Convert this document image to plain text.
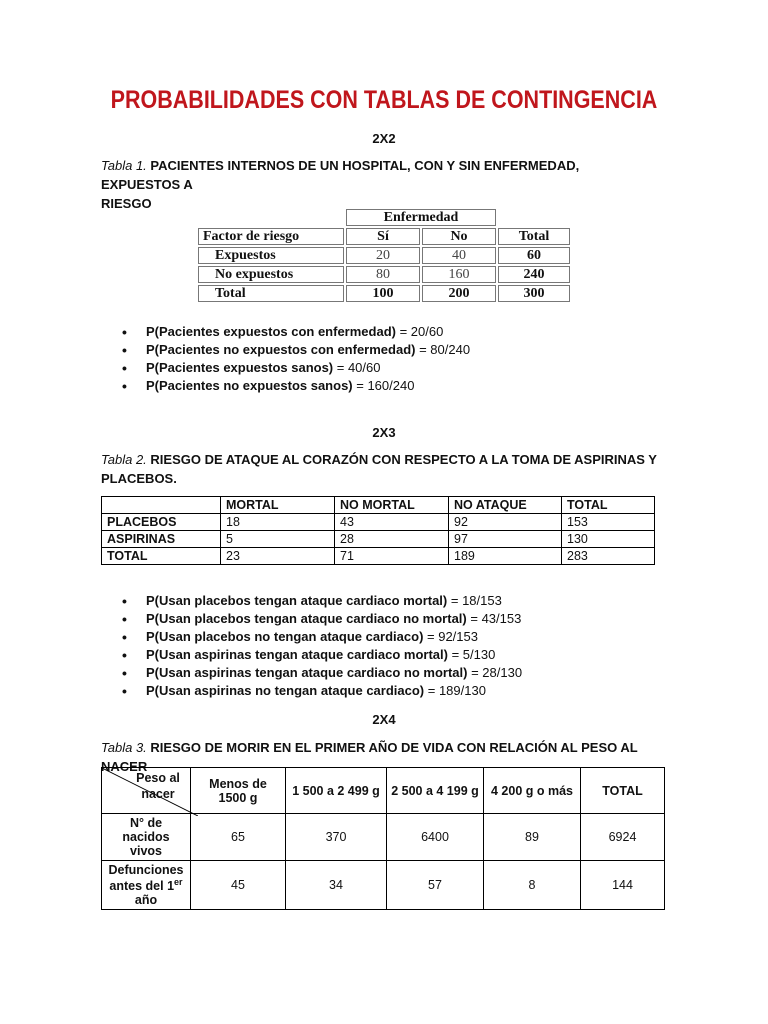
PROBABILIDADES CON TABLAS DE CONTINGENCIA
2X2
Tabla 1. PACIENTES INTERNOS DE UN HOSPITAL, CON Y SIN ENFERMEDAD, EXPUESTOS A
RIESGO
	Enfermedad		
Factor de riesgo	Sí	No	Total
Expuestos	20	40	60
No expuestos	80	160	240
Total	100	200	300
• P(Pacientes expuestos con enfermedad) = 20/60
• P(Pacientes no expuestos con enfermedad) = 80/240
• P(Pacientes expuestos sanos) = 40/60
• P(Pacientes no expuestos sanos) = 160/240
2X3
Tabla 2. RIESGO DE ATAQUE AL CORAZÓN CON RESPECTO A LA TOMA DE ASPIRINAS Y
PLACEBOS.
	MORTAL	NO MORTAL	NO ATAQUE	TOTAL
PLACEBOS	18	43	92	153
ASPIRINAS	5	28	97	130
TOTAL	23	71	189	283
• P(Usan placebos tengan ataque cardiaco mortal) = 18/153
• P(Usan placebos tengan ataque cardiaco no mortal) = 43/153
• P(Usan placebos no tengan ataque cardiaco) = 92/153
• P(Usan aspirinas tengan ataque cardiaco mortal) = 5/130
• P(Usan aspirinas tengan ataque cardiaco no mortal) = 28/130
• P(Usan aspirinas no tengan ataque cardiaco) = 189/130
2X4
Tabla 3. RIESGO DE MORIR EN EL PRIMER AÑO DE VIDA CON RELACIÓN AL PESO AL NACER
Peso al nacer	Menos de 1500 g	1 500 a 2 499 g	2 500 a 4 199 g	4 200 g o más	TOTAL
N° de nacidos vivos	65	370	6400	89	6924
Defunciones antes del 1er año	45	34	57	8	144
